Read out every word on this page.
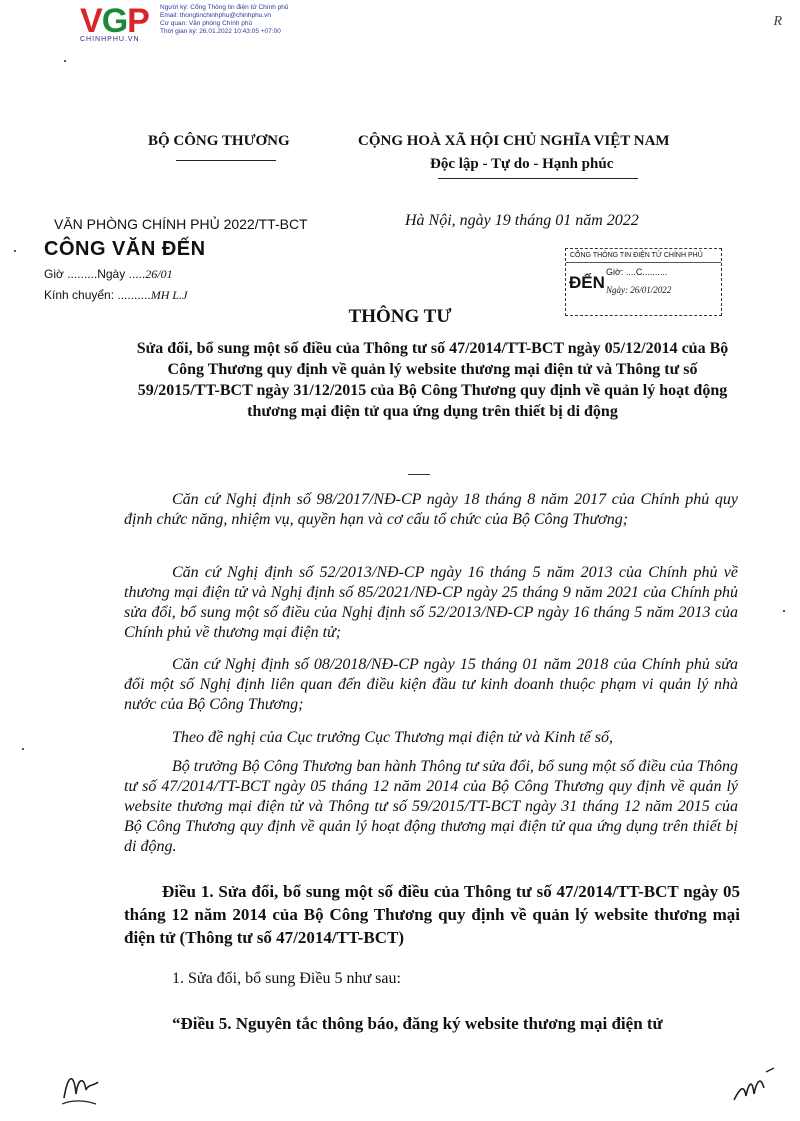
VGP
CHINHPHU.VN
Người ký: Cổng Thông tin điện tử Chính phủ
Email: thongtinchinhphu@chinhphu.vn
Cơ quan: Văn phòng Chính phủ
Thời gian ký: 26.01.2022 10:43:05 +07:00
R
BỘ CÔNG THƯƠNG	CỘNG HOÀ XÃ HỘI CHỦ NGHĨA VIỆT NAM
Độc lập - Tự do - Hạnh phúc
VĂN PHÒNG CHÍNH PHỦ 2022/TT-BCT	Hà Nội, ngày 19 tháng 01 năm 2022
CÔNG VĂN ĐẾN
Giờ .........Ngày .....26/01
Kính chuyển: ..........MH L.J
CỔNG THÔNG TIN ĐIỆN TỬ CHÍNH PHỦ
ĐẾN
Giờ: ....C..........
Ngày: 26/01/2022
THÔNG TƯ
Sửa đổi, bổ sung một số điều của Thông tư số 47/2014/TT-BCT ngày 05/12/2014 của Bộ Công Thương quy định về quản lý website thương mại điện tử và Thông tư số 59/2015/TT-BCT ngày 31/12/2015 của Bộ Công Thương quy định về quản lý hoạt động thương mại điện tử qua ứng dụng trên thiết bị di động
Căn cứ Nghị định số 98/2017/NĐ-CP ngày 18 tháng 8 năm 2017 của Chính phủ quy định chức năng, nhiệm vụ, quyền hạn và cơ cấu tổ chức của Bộ Công Thương;
Căn cứ Nghị định số 52/2013/NĐ-CP ngày 16 tháng 5 năm 2013 của Chính phủ về thương mại điện tử và Nghị định số 85/2021/NĐ-CP ngày 25 tháng 9 năm 2021 của Chính phủ sửa đổi, bổ sung một số điều của Nghị định số 52/2013/NĐ-CP ngày 16 tháng 5 năm 2013 của Chính phủ về thương mại điện tử;
Căn cứ Nghị định số 08/2018/NĐ-CP ngày 15 tháng 01 năm 2018 của Chính phủ sửa đổi một số Nghị định liên quan đến điều kiện đầu tư kinh doanh thuộc phạm vi quản lý nhà nước của Bộ Công Thương;
Theo đề nghị của Cục trưởng Cục Thương mại điện tử và Kinh tế số,
Bộ trưởng Bộ Công Thương ban hành Thông tư sửa đổi, bổ sung một số điều của Thông tư số 47/2014/TT-BCT ngày 05 tháng 12 năm 2014 của Bộ Công Thương quy định về quản lý website thương mại điện tử và Thông tư số 59/2015/TT-BCT ngày 31 tháng 12 năm 2015 của Bộ Công Thương quy định về quản lý hoạt động thương mại điện tử qua ứng dụng trên thiết bị di động.
Điều 1. Sửa đổi, bổ sung một số điều của Thông tư số 47/2014/TT-BCT ngày 05 tháng 12 năm 2014 của Bộ Công Thương quy định về quản lý website thương mại điện tử (Thông tư số 47/2014/TT-BCT)
1. Sửa đổi, bổ sung Điều 5 như sau:
“Điều 5. Nguyên tắc thông báo, đăng ký website thương mại điện tử
